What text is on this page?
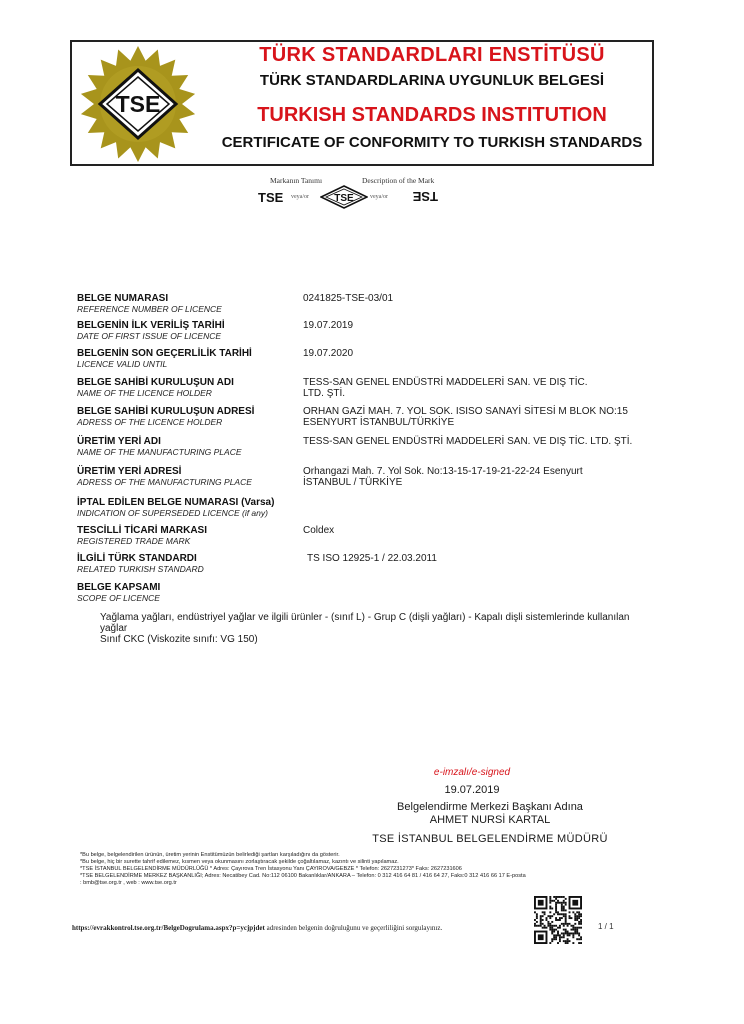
TSE
TÜRK STANDARDLARI ENSTİTÜSÜ
TÜRK STANDARDLARINA UYGUNLUK BELGESİ
TURKISH STANDARDS INSTITUTION
CERTIFICATE OF CONFORMITY TO TURKISH STANDARDS
Markanın Tanımı	Description of the Mark
TSE veya/or	TSE	veya/or	TSE
BELGE NUMARASI
REFERENCE NUMBER OF LICENCE
0241825-TSE-03/01
BELGENİN İLK VERİLİŞ TARİHİ
DATE OF FIRST ISSUE OF LICENCE
19.07.2019
BELGENİN SON GEÇERLİLİK TARİHİ
LICENCE VALID UNTIL
19.07.2020
BELGE SAHİBİ KURULUŞUN ADI
NAME OF THE LICENCE HOLDER
TESS-SAN GENEL ENDÜSTRİ MADDELERİ SAN. VE DIŞ TİC. LTD. ŞTİ.
BELGE SAHİBİ KURULUŞUN ADRESİ
ADRESS OF THE LICENCE HOLDER
ORHAN GAZİ MAH. 7. YOL SOK. ISISO SANAYİ SİTESİ M BLOK NO:15 ESENYURT İSTANBUL/TÜRKİYE
ÜRETİM YERİ ADI
NAME OF THE MANUFACTURING PLACE
TESS-SAN GENEL ENDÜSTRİ MADDELERİ SAN. VE DIŞ TİC. LTD. ŞTİ.
ÜRETİM YERİ ADRESİ
ADRESS OF THE MANUFACTURING PLACE
Orhangazi Mah. 7. Yol Sok. No:13-15-17-19-21-22-24 Esenyurt İSTANBUL / TÜRKİYE
İPTAL EDİLEN BELGE NUMARASI (Varsa)
INDICATION OF SUPERSEDED LICENCE (if any)
TESCİLLİ TİCARİ MARKASI
REGISTERED TRADE MARK
Coldex
İLGİLİ TÜRK STANDARDI
RELATED TURKISH STANDARD
TS ISO 12925-1 / 22.03.2011
BELGE KAPSAMI
SCOPE OF LICENCE
Yağlama yağları, endüstriyel yağlar ve ilgili ürünler - (sınıf L) - Grup C (dişli yağları) - Kapalı dişli sistemlerinde kullanılan yağlar
Sınıf CKC (Viskozite sınıfı: VG 150)
e-imzalı/e-signed
19.07.2019
Belgelendirme Merkezi Başkanı Adına
AHMET NURSİ KARTAL
TSE İSTANBUL BELGELENDİRME MÜDÜRÜ
*Bu belge, belgelendirilen ürünün, üretim yerinin Enstitümüzün belirlediği şartları karşıladığını da gösterir.
*Bu belge, hiç bir surette tahrif edilemez, kısmen veya okunmasını zorlaştıracak şekilde çoğaltılamaz, kazıntı ve silinti yapılamaz.
*TSE İSTANBUL BELGELENDİRME MÜDÜRLÜĞÜ * Adres: Çayırova Tren İstasyonu Yanı ÇAYIROVA/GEBZE * Telefon: 2627231273* Faks: 2627231606
*TSE BELGELENDİRME MERKEZ BAŞKANLIĞI; Adres: Necatibey Cad. No:112 06100 Bakanlıklar/ANKARA – Telefon: 0 312 416 64 81 / 416 64 27, Faks:0 312 416 66 17 E-posta
: bmb@tse.org.tr , web : www.tse.org.tr
https://evrakkontrol.tse.org.tr/BelgeDogrulama.aspx?p=ycjpjdet adresinden belgenin doğruluğunu ve geçerliliğini sorgulayınız.	1 / 1
